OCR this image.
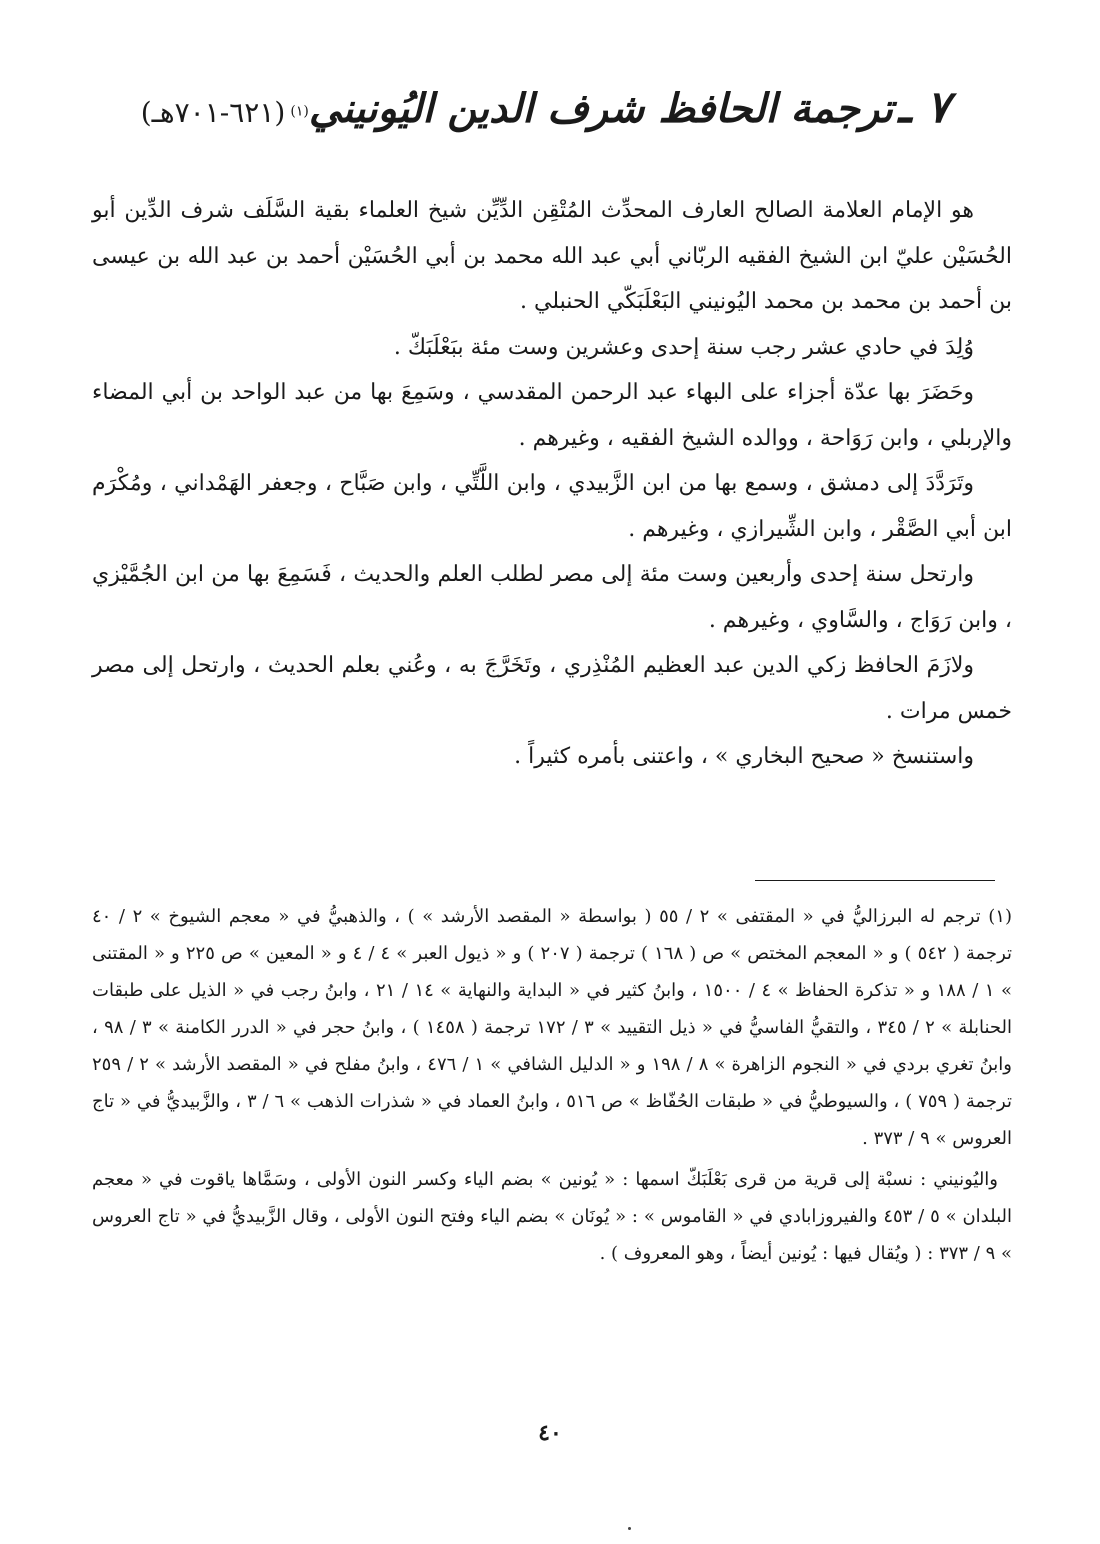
٧ ـ ترجمة الحافظ شرف الدين اليُونيني(١) (٦٢١-٧٠١هـ)

هو الإمام العلامة الصالح العارف المحدِّث المُتْقِن الدِّيِّن شيخ العلماء بقية السَّلَف شرف الدِّين أبو الحُسَيْن عليّ ابن الشيخ الفقيه الربّاني أبي عبد الله محمد بن أبي الحُسَيْن أحمد بن عبد الله بن عيسى بن أحمد بن محمد بن محمد اليُونيني البَعْلَبَكّي الحنبلي .

وُلِدَ في حادي عشر رجب سنة إحدى وعشرين وست مئة ببَعْلَبَكّ .

وحَضَرَ بها عدّة أجزاء على البهاء عبد الرحمن المقدسي ، وسَمِعَ بها من عبد الواحد بن أبي المضاء والإربلي ، وابن رَوَاحة ، ووالده الشيخ الفقيه ، وغيرهم .

وتَرَدَّدَ إلى دمشق ، وسمع بها من ابن الزَّبيدي ، وابن اللَّتِّي ، وابن صَبَّاح ، وجعفر الهَمْداني ، ومُكْرَم ابن أبي الصَّقْر ، وابن الشِّيرازي ، وغيرهم .

وارتحل سنة إحدى وأربعين وست مئة إلى مصر لطلب العلم والحديث ، فَسَمِعَ بها من ابن الجُمَّيْزي ، وابن رَوَاج ، والسَّاوي ، وغيرهم .

ولازَمَ الحافظ زكي الدين عبد العظيم المُنْذِري ، وتَخَرَّجَ به ، وعُني بعلم الحديث ، وارتحل إلى مصر خمس مرات .

واستنسخ « صحيح البخاري » ، واعتنى بأمره كثيراً .

(١) ترجم له البرزاليُّ في « المقتفى » ٢ / ٥٥ ( بواسطة « المقصد الأرشد » ) ، والذهبيُّ في « معجم الشيوخ » ٢ / ٤٠ ترجمة ( ٥٤٢ ) و « المعجم المختص » ص ( ١٦٨ ) ترجمة ( ٢٠٧ ) و « ذيول العبر » ٤ / ٤ و « المعين » ص ٢٢٥ و « المقتنى » ١ / ١٨٨ و « تذكرة الحفاظ » ٤ / ١٥٠٠ ، وابنُ كثير في « البداية والنهاية » ١٤ / ٢١ ، وابنُ رجب في « الذيل على طبقات الحنابلة » ٢ / ٣٤٥ ، والتقيُّ الفاسيُّ في « ذيل التقييد » ٣ / ١٧٢ ترجمة ( ١٤٥٨ ) ، وابنُ حجر في « الدرر الكامنة » ٣ / ٩٨ ، وابنُ تغري بردي في « النجوم الزاهرة » ٨ / ١٩٨ و « الدليل الشافي » ١ / ٤٧٦ ، وابنُ مفلح في « المقصد الأرشد » ٢ / ٢٥٩ ترجمة ( ٧٥٩ ) ، والسيوطيُّ في « طبقات الحُفّاظ » ص ٥١٦ ، وابنُ العماد في « شذرات الذهب » ٦ / ٣ ، والزَّبيديُّ في « تاج العروس » ٩ / ٣٧٣ .

واليُونيني : نسبْة إلى قرية من قرى بَعْلَبَكّ اسمها : « يُونين » بضم الياء وكسر النون الأولى ، وسَمَّاها ياقوت في « معجم البلدان » ٥ / ٤٥٣ والفيروزابادي في « القاموس » : « يُونَان » بضم الياء وفتح النون الأولى ، وقال الزَّبيديُّ في « تاج العروس » ٩ / ٣٧٣ : ( ويُقال فيها : يُونين أيضاً ، وهو المعروف ) .

٤٠
